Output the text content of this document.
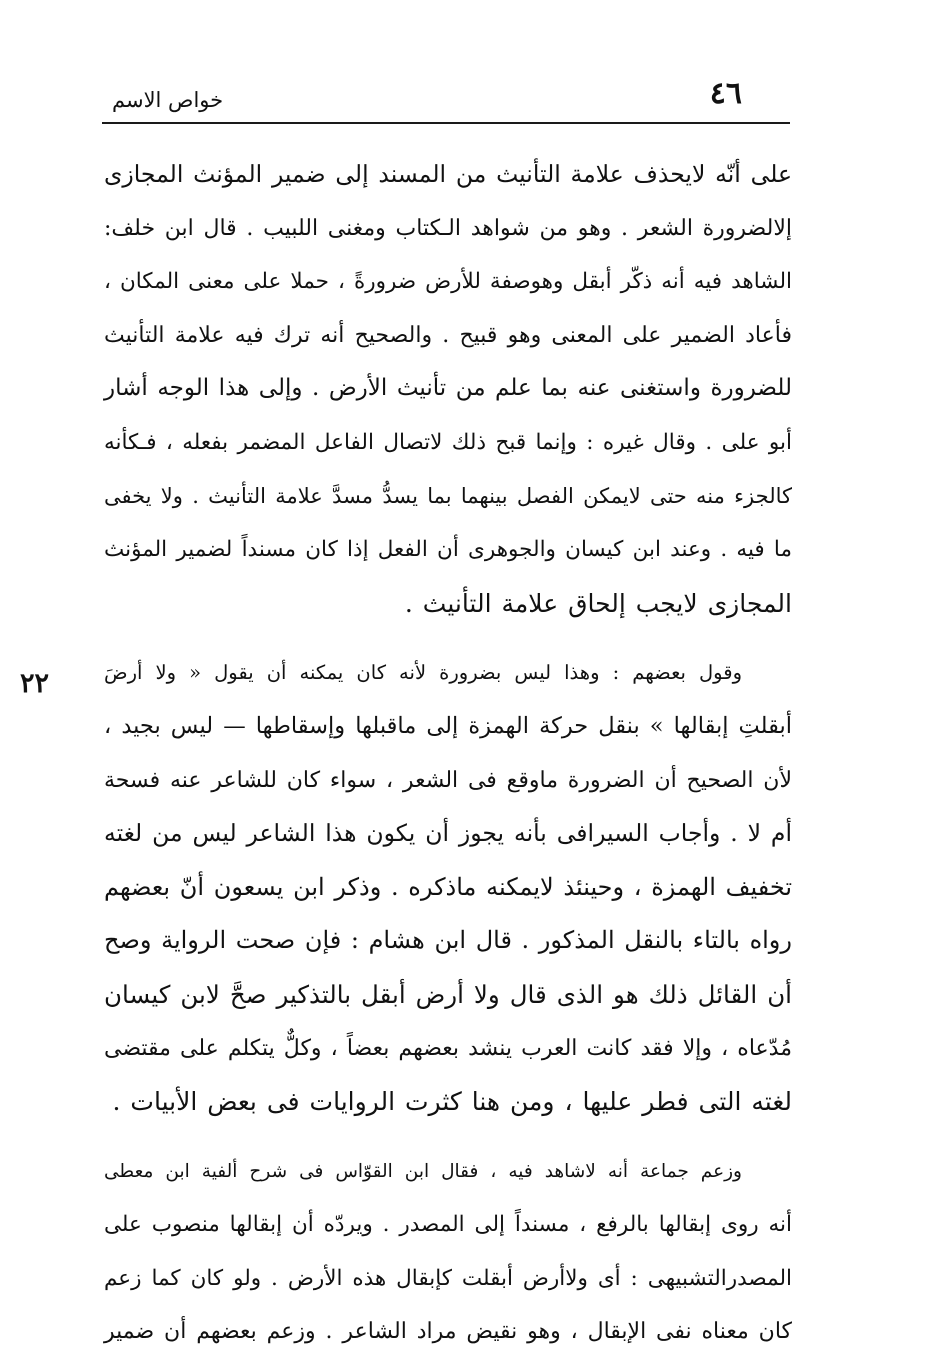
٤٦
خواص الاسم
٢٢
على أنّه لايحذف علامة التأنيث من المسند إلى ضمير المؤنث المجازى
إلالضرورة الشعر . وهو من شواهد الـكتاب ومغنى اللبيب . قال ابن خلف:
الشاهد فيه أنه ذكّر أبقل وهوصفة للأرض ضرورةً ، حملا على معنى المكان ،
فأعاد الضمير على المعنى وهو قبيح . والصحيح أنه ترك فيه علامة التأنيث
للضرورة واستغنى عنه بما علم من تأنيث الأرض . وإلى هذا الوجه أشار
أبو على . وقال غيره : وإنما قبح ذلك لاتصال الفاعل المضمر بفعله ، فـكأنه
كالجزء منه حتى لايمكن الفصل بينهما بما يسدُّ مسدَّ علامة التأنيث . ولا يخفى
ما فيه . وعند ابن كيسان والجوهرى أن الفعل إذا كان مسنداً لضمير المؤنث
المجازى لايجب إلحاق علامة التأنيث .
وقول بعضهم : وهذا ليس بضرورة لأنه كان يمكنه أن يقول « ولا أرضَ
أبقلتِ إبقالها » بنقل حركة الهمزة إلى ماقبلها وإسقاطها — ليس بجيد ،
لأن الصحيح أن الضرورة ماوقع فى الشعر ، سواء كان للشاعر عنه فسحة
أم لا . وأجاب السيرافى بأنه يجوز أن يكون هذا الشاعر ليس من لغته
تخفيف الهمزة ، وحينئذ لايمكنه ماذكره . وذكر ابن يسعون أنّ بعضهم
رواه بالتاء بالنقل المذكور . قال ابن هشام : فإن صحت الرواية وصح
أن القائل ذلك هو الذى قال ولا أرض أبقل بالتذكير صحَّ لابن كيسان
مُدّعاه ، وإلا فقد كانت العرب ينشد بعضهم بعضاً ، وكلٌّ يتكلم على مقتضى
لغته التى فطر عليها ، ومن هنا كثرت الروايات فى بعض الأبيات .
وزعم جماعة أنه لاشاهد فيه ، فقال ابن القوّاس فى شرح ألفية ابن معطى
أنه روى إبقالها بالرفع ، مسنداً إلى المصدر . ويردّه أن إبقالها منصوب على
المصدرالتشبيهى : أى ولاأرض أبقلت كإبقال هذه الأرض . ولو كان كما زعم
كان معناه نفى الإبقال ، وهو نقيض مراد الشاعر . وزعم بعضهم أن ضمير
